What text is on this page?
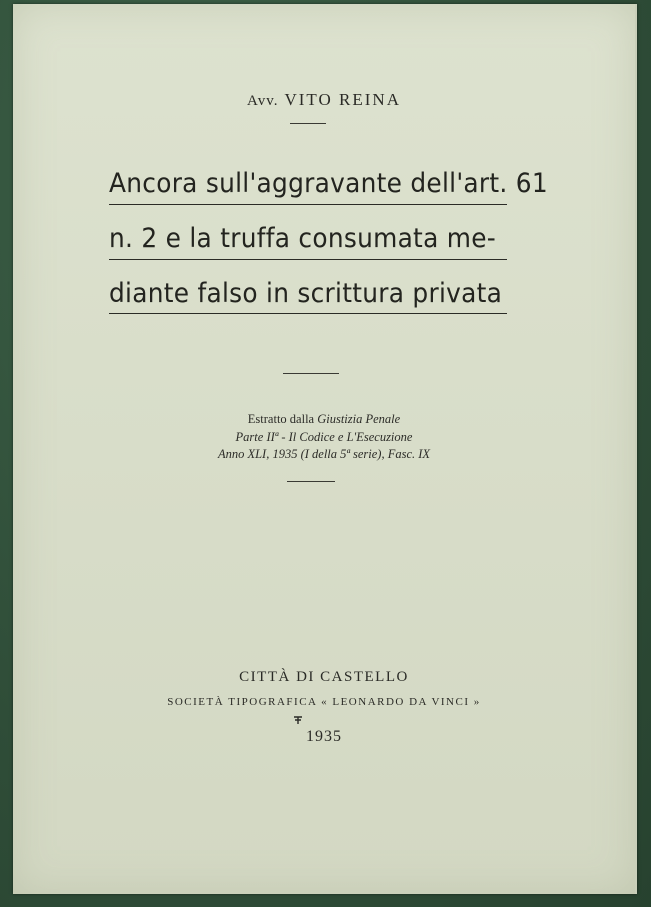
Avv. VITO REINA
Ancora sull'aggravante dell'art. 61
n. 2 e la truffa consumata me-
diante falso in scrittura privata
Estratto dalla Giustizia Penale
Parte IIª - Il Codice e L'Esecuzione
Anno XLI, 1935 (I della 5ª serie), Fasc. IX
CITTÀ DI CASTELLO
SOCIETÀ TIPOGRAFICA « LEONARDO DA VINCI »
1935
